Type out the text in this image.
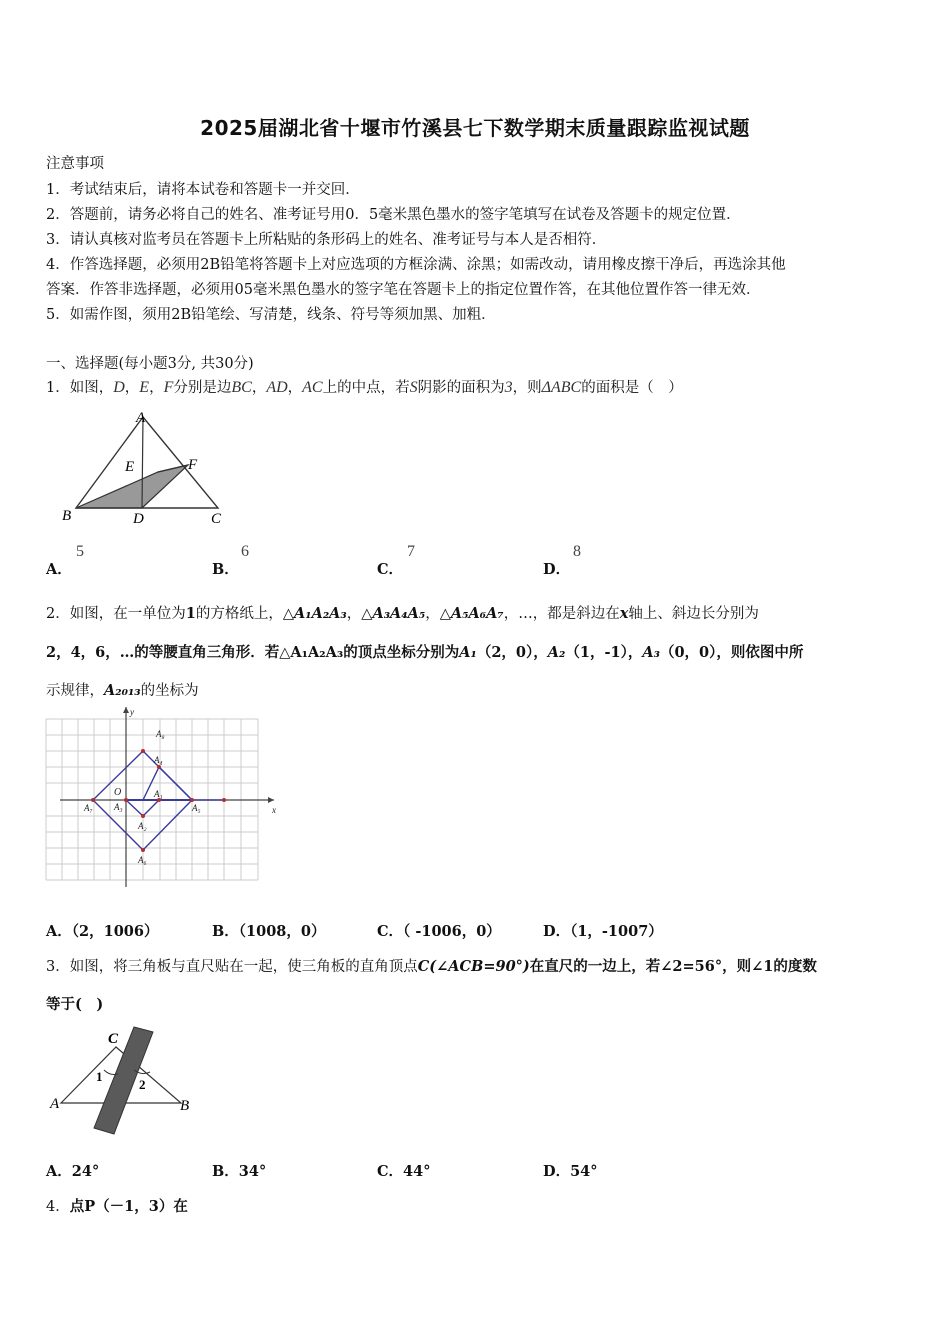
2025届湖北省十堰市竹溪县七下数学期末质量跟踪监视试题
注意事项
1．考试结束后，请将本试卷和答题卡一并交回．
2．答题前，请务必将自己的姓名、准考证号用0．5毫米黑色墨水的签字笔填写在试卷及答题卡的规定位置．
3．请认真核对监考员在答题卡上所粘贴的条形码上的姓名、准考证号与本人是否相符．
4．作答选择题，必须用2B铅笔将答题卡上对应选项的方框涂满、涂黑；如需改动，请用橡皮擦干净后，再选涂其他
答案．作答非选择题，必须用05毫米黑色墨水的签字笔在答题卡上的指定位置作答，在其他位置作答一律无效．
5．如需作图，须用2B铅笔绘、写清楚，线条、符号等须加黑、加粗．
一、选择题(每小题3分, 共30分)
1．如图，D，E，F分别是边BC，AD，AC上的中点，若S阴影的面积为3，则ΔABC的面积是（　）
A
B	C
D
E	F
A．
5
B．
6
C．
7
D．
8
2．如图，在一单位为1的方格纸上，△A₁A₂A₃，△A₃A₄A₅，△A₅A₆A₇，…，都是斜边在x轴上、斜边长分别为
2，4，6，…的等腰直角三角形．若△A₁A₂A₃的顶点坐标分别为A₁（2，0），A₂（1，-1），A₃（0，0），则依图中所
示规律，A₂₀₁₃的坐标为
y
x
O	A₁
A₂
A₃
A₄
A₅
A₆
A₇
A₈
A．（2，1006）	B．（1008，0）	C．（ -1006，0）	D．（1，-1007）
3．如图，将三角板与直尺贴在一起，使三角板的直角顶点C(∠ACB=90°)在直尺的一边上，若∠2=56°，则∠1的度数
等于(　)
C
A	B
1
2
A．24°	B．34°	C．44°	D．54°
4．点P（－1，3）在
